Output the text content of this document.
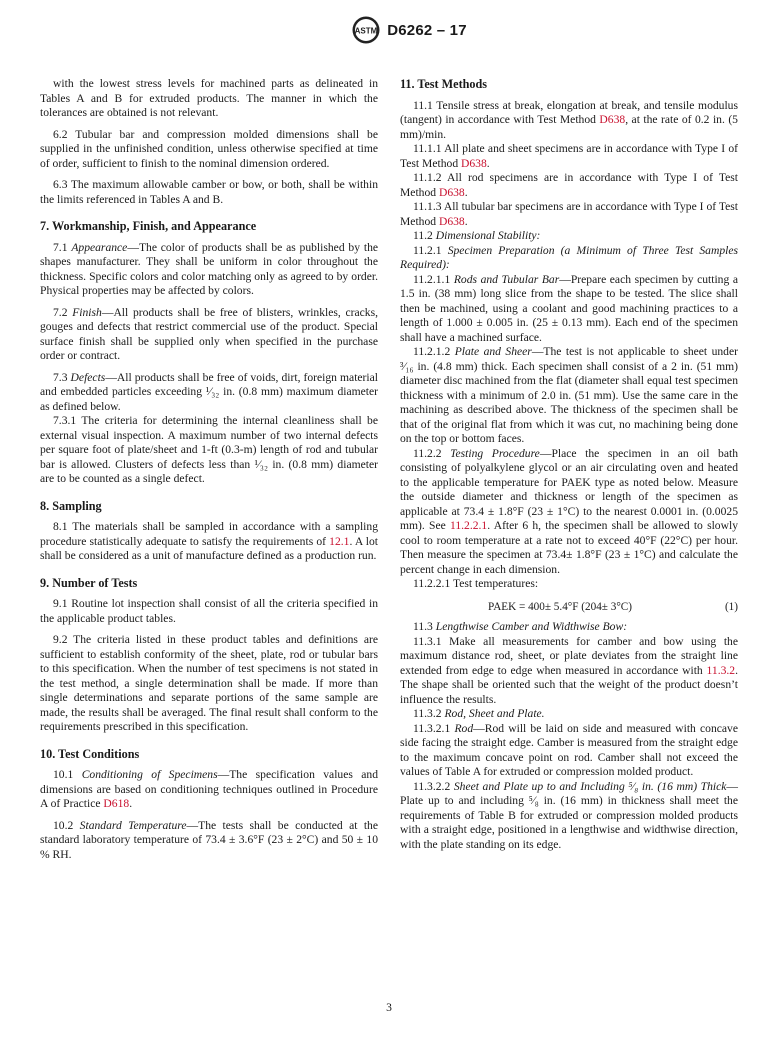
ASTM D6262 – 17

with the lowest stress levels for machined parts as delineated in Tables A and B for extruded products. The manner in which the tolerances are obtained is not relevant.

6.2 Tubular bar and compression molded dimensions shall be supplied in the unfinished condition, unless otherwise specified at time of order, sufficient to finish to the nominal dimension ordered.

6.3 The maximum allowable camber or bow, or both, shall be within the limits referenced in Tables A and B.

7. Workmanship, Finish, and Appearance

7.1 Appearance—The color of products shall be as published by the shapes manufacturer. They shall be uniform in color throughout the thickness. Specific colors and color matching only as agreed to by order. Physical properties may be affected by colors.

7.2 Finish—All products shall be free of blisters, wrinkles, cracks, gouges and defects that restrict commercial use of the product. Special surface finish shall be supplied only when specified in the purchase order or contract.

7.3 Defects—All products shall be free of voids, dirt, foreign material and embedded particles exceeding ¹⁄₃₂ in. (0.8 mm) maximum diameter as defined below.

7.3.1 The criteria for determining the internal cleanliness shall be external visual inspection. A maximum number of two internal defects per square foot of plate/sheet and 1-ft (0.3-m) length of rod and tubular bar is allowed. Clusters of defects less than ¹⁄₃₂ in. (0.8 mm) diameter are to be counted as a single defect.

8. Sampling

8.1 The materials shall be sampled in accordance with a sampling procedure statistically adequate to satisfy the requirements of 12.1. A lot shall be considered as a unit of manufacture defined as a production run.

9. Number of Tests

9.1 Routine lot inspection shall consist of all the criteria specified in the applicable product tables.

9.2 The criteria listed in these product tables and definitions are sufficient to establish conformity of the sheet, plate, rod or tubular bars to this specification. When the number of test specimens is not stated in the test method, a single determination shall be made. If more than single determinations and separate portions of the same sample are made, the results shall be averaged. The final result shall conform to the requirements prescribed in this specification.

10. Test Conditions

10.1 Conditioning of Specimens—The specification values and dimensions are based on conditioning techniques outlined in Procedure A of Practice D618.

10.2 Standard Temperature—The tests shall be conducted at the standard laboratory temperature of 73.4 ± 3.6°F (23 ± 2°C) and 50 ± 10 % RH.

11. Test Methods

11.1 Tensile stress at break, elongation at break, and tensile modulus (tangent) in accordance with Test Method D638, at the rate of 0.2 in. (5 mm)/min.

11.1.1 All plate and sheet specimens are in accordance with Type I of Test Method D638.

11.1.2 All rod specimens are in accordance with Type I of Test Method D638.

11.1.3 All tubular bar specimens are in accordance with Type I of Test Method D638.

11.2 Dimensional Stability:

11.2.1 Specimen Preparation (a Minimum of Three Test Samples Required):

11.2.1.1 Rods and Tubular Bar—Prepare each specimen by cutting a 1.5 in. (38 mm) long slice from the shape to be tested. The slice shall then be machined, using a coolant and good machining practices to a length of 1.000 ± 0.005 in. (25 ± 0.13 mm). Each end of the specimen shall have a machined surface.

11.2.1.2 Plate and Sheer—The test is not applicable to sheet under ³⁄₁₆ in. (4.8 mm) thick. Each specimen shall consist of a 2 in. (51 mm) diameter disc machined from the flat (diameter shall equal test specimen thickness with a minimum of 2.0 in. (51 mm). Use the same care in the machining as described above. The thickness of the specimen shall be that of the original flat from which it was cut, no machining being done on the top or bottom faces.

11.2.2 Testing Procedure—Place the specimen in an oil bath consisting of polyalkylene glycol or an air circulating oven and heated to the applicable temperature for PAEK type as noted below. Measure the outside diameter and thickness or length of the specimen as applicable at 73.4 ± 1.8°F (23 ± 1°C) to the nearest 0.0001 in. (0.0025 mm). See 11.2.2.1. After 6 h, the specimen shall be allowed to slowly cool to room temperature at a rate not to exceed 40°F (22°C) per hour. Then measure the specimen at 73.4± 1.8°F (23 ± 1°C) and calculate the percent change in each dimension.

11.2.2.1 Test temperatures:

PAEK = 400± 5.4°F (204± 3°C)	(1)

11.3 Lengthwise Camber and Widthwise Bow:

11.3.1 Make all measurements for camber and bow using the maximum distance rod, sheet, or plate deviates from the straight line extended from edge to edge when measured in accordance with 11.3.2. The shape shall be oriented such that the weight of the product doesn’t influence the results.

11.3.2 Rod, Sheet and Plate.

11.3.2.1 Rod—Rod will be laid on side and measured with concave side facing the straight edge. Camber is measured from the straight edge to the maximum concave point on rod. Camber shall not exceed the values of Table A for extruded or compression molded product.

11.3.2.2 Sheet and Plate up to and Including ⁵⁄₈ in. (16 mm) Thick—Plate up to and including ⁵⁄₈ in. (16 mm) in thickness shall meet the requirements of Table B for extruded or compression molded products with a straight edge, positioned in a lengthwise and widthwise direction, with the plate standing on its edge.

3
